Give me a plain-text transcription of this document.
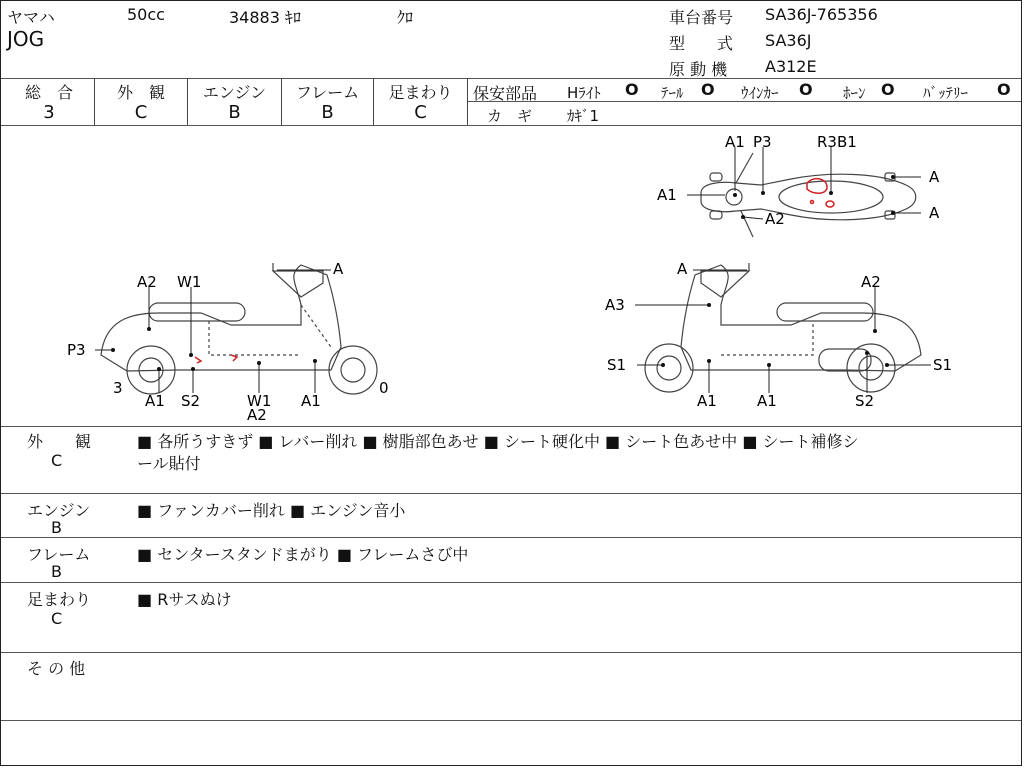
ヤマハ	50cc	34883 ｷﾛ	ｸﾛ
JOG
車台番号 SA36J-765356
型　　式 SA36J
原 動 機 A312E
総　合
3
外　観
C
エンジン
B
フレーム
B
足まわり
C
保安部品 Hﾗｲﾄ O ﾃｰﾙ O ｳｲﾝｶｰ O ﾎｰﾝ O ﾊﾞｯﾃﾘｰ O
カ　ギ ｶｷﾞ1
A1 P3	R3B1
A1
A2
A
A
A2 W1
A
P3
3
A1 S2	W1
A2
A1
0
A
A2
A3
S1	S1
A1	A1	S2
外　　観
C
■ 各所うすきず ■ レバー削れ ■ 樹脂部色あせ ■ シート硬化中 ■ シート色あせ中 ■ シート補修シ
ール貼付
エンジン
B
■ ファンカバー削れ ■ エンジン音小
フレーム
B
■ センタースタンドまがり ■ フレームさび中
足まわり
C
■ Rサスぬけ
そ の 他
